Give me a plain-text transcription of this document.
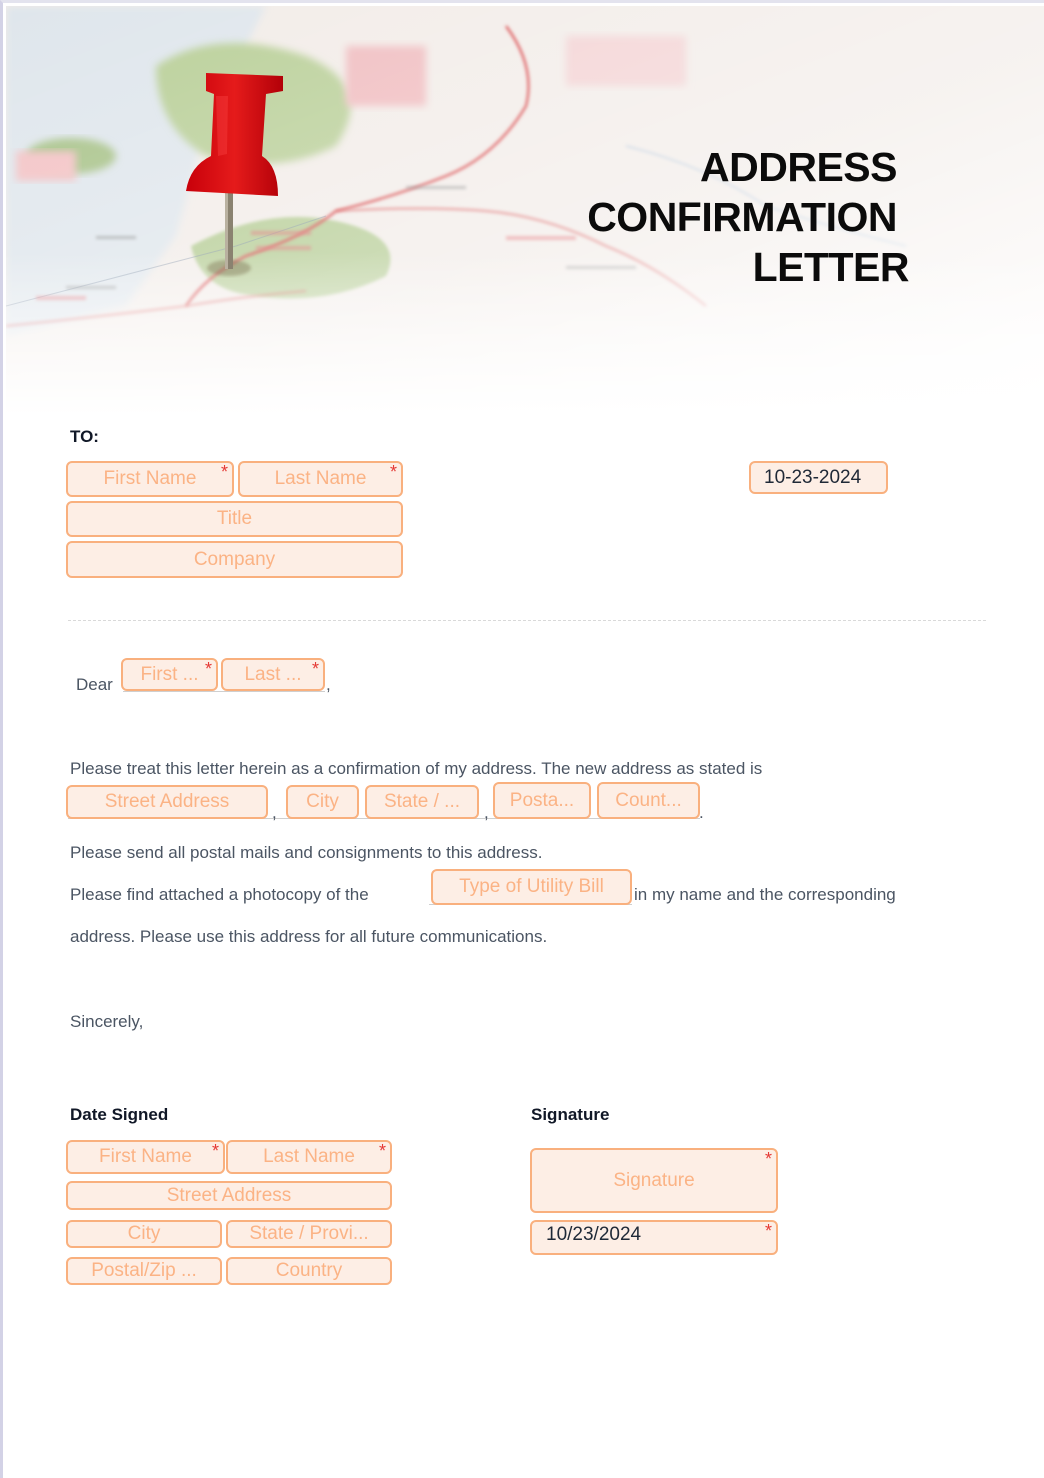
ADDRESS
CONFIRMATION
LETTER
TO:
First Name * Last Name *
Title
Company
10-23-2024
Dear First ... * Last ... *
,
Please treat this letter herein as a confirmation of my address. The new address as stated is
Street Address
,
City State / ...
,
Posta... Count...
.
Please send all postal mails and consignments to this address.
Please find attached a photocopy of the	Type of Utility Bill in my name and the corresponding
address. Please use this address for all future communications.
Sincerely,
Date Signed
First Name * Last Name *
Street Address
City	State / Provi...
Postal/Zip ...	Country
Signature
Signature
*
10/23/2024	*
